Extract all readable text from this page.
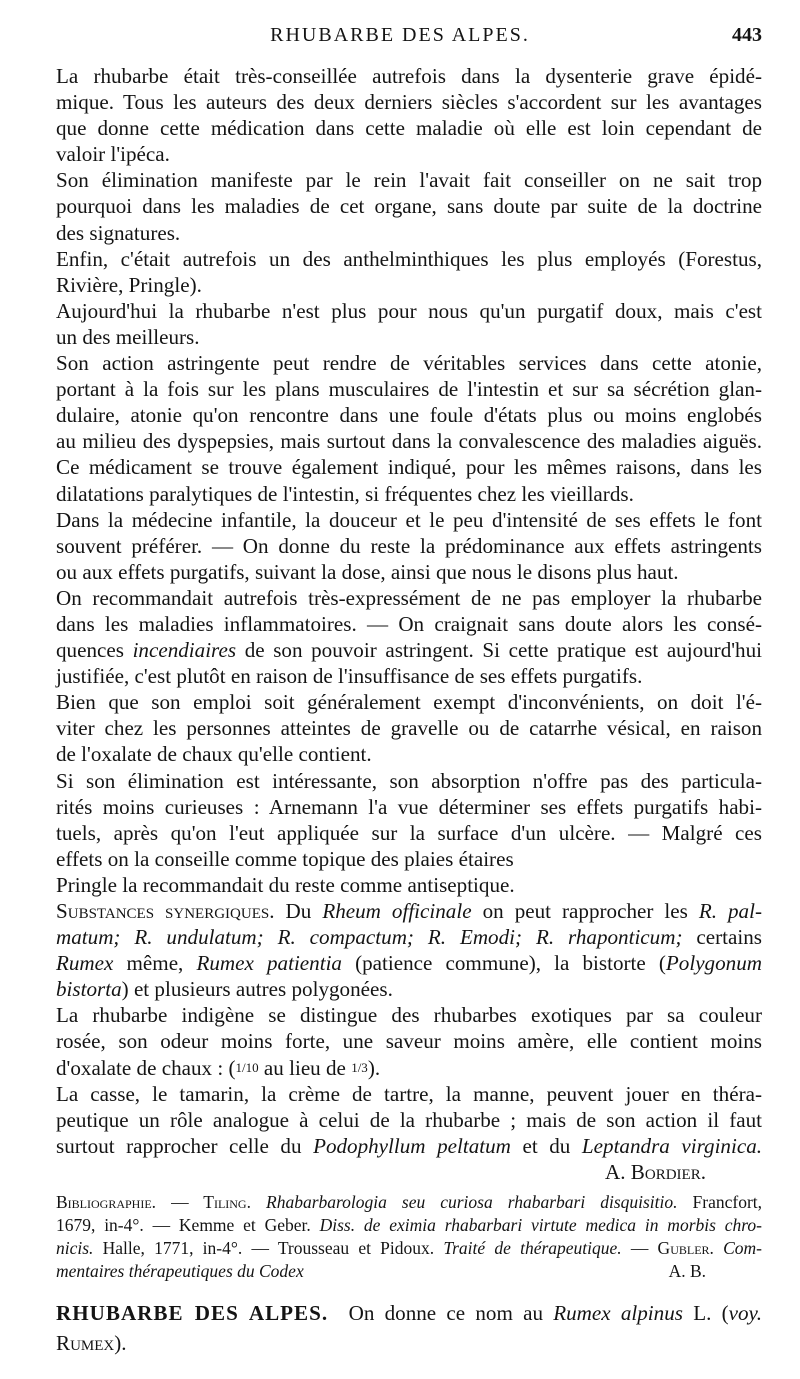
RHUBARBE DES ALPES.	443
La rhubarbe était très-conseillée autrefois dans la dysenterie grave épidé-
mique. Tous les auteurs des deux derniers siècles s'accordent sur les avantages
que donne cette médication dans cette maladie où elle est loin cependant de
valoir l'ipéca.
Son élimination manifeste par le rein l'avait fait conseiller on ne sait trop
pourquoi dans les maladies de cet organe, sans doute par suite de la doctrine
des signatures.
Enfin, c'était autrefois un des anthelminthiques les plus employés (Forestus,
Rivière, Pringle).
Aujourd'hui la rhubarbe n'est plus pour nous qu'un purgatif doux, mais c'est
un des meilleurs.
Son action astringente peut rendre de véritables services dans cette atonie,
portant à la fois sur les plans musculaires de l'intestin et sur sa sécrétion glan-
dulaire, atonie qu'on rencontre dans une foule d'états plus ou moins englobés
au milieu des dyspepsies, mais surtout dans la convalescence des maladies aiguës.
Ce médicament se trouve également indiqué, pour les mêmes raisons, dans les
dilatations paralytiques de l'intestin, si fréquentes chez les vieillards.
Dans la médecine infantile, la douceur et le peu d'intensité de ses effets le font
souvent préférer. — On donne du reste la prédominance aux effets astringents
ou aux effets purgatifs, suivant la dose, ainsi que nous le disons plus haut.
On recommandait autrefois très-expressément de ne pas employer la rhubarbe
dans les maladies inflammatoires. — On craignait sans doute alors les consé-
quences incendiaires de son pouvoir astringent. Si cette pratique est aujourd'hui
justifiée, c'est plutôt en raison de l'insuffisance de ses effets purgatifs.
Bien que son emploi soit généralement exempt d'inconvénients, on doit l'é-
viter chez les personnes atteintes de gravelle ou de catarrhe vésical, en raison
de l'oxalate de chaux qu'elle contient.
Si son élimination est intéressante, son absorption n'offre pas des particula-
rités moins curieuses : Arnemann l'a vue déterminer ses effets purgatifs habi-
tuels, après qu'on l'eut appliquée sur la surface d'un ulcère. — Malgré ces
effets on la conseille comme topique des plaies étaires
Pringle la recommandait du reste comme antiseptique.
Substances synergiques. Du Rheum officinale on peut rapprocher les R. pal-
matum; R. undulatum; R. compactum; R. Emodi; R. rhaponticum; certains
Rumex même, Rumex patientia (patience commune), la bistorte (Polygonum
bistorta) et plusieurs autres polygonées.
La rhubarbe indigène se distingue des rhubarbes exotiques par sa couleur
rosée, son odeur moins forte, une saveur moins amère, elle contient moins
d'oxalate de chaux : (1/10 au lieu de 1/3).
La casse, le tamarin, la crème de tartre, la manne, peuvent jouer en théra-
peutique un rôle analogue à celui de la rhubarbe ; mais de son action il faut
surtout rapprocher celle du Podophyllum peltatum et du Leptandra virginica.
A. Bordier.
Bibliographie. — Tiling. Rhabarbarologia seu curiosa rhabarbari disquisitio. Francfort,
1679, in-4°. — Kemme et Geber. Diss. de eximia rhabarbari virtute medica in morbis chro-
nicis. Halle, 1771, in-4°. — Trousseau et Pidoux. Traité de thérapeutique. — Gubler. Com-
mentaires thérapeutiques du Codex	A. B.
RHUBARBE DES ALPES. On donne ce nom au Rumex alpinus L. (voy.
Rumex).
